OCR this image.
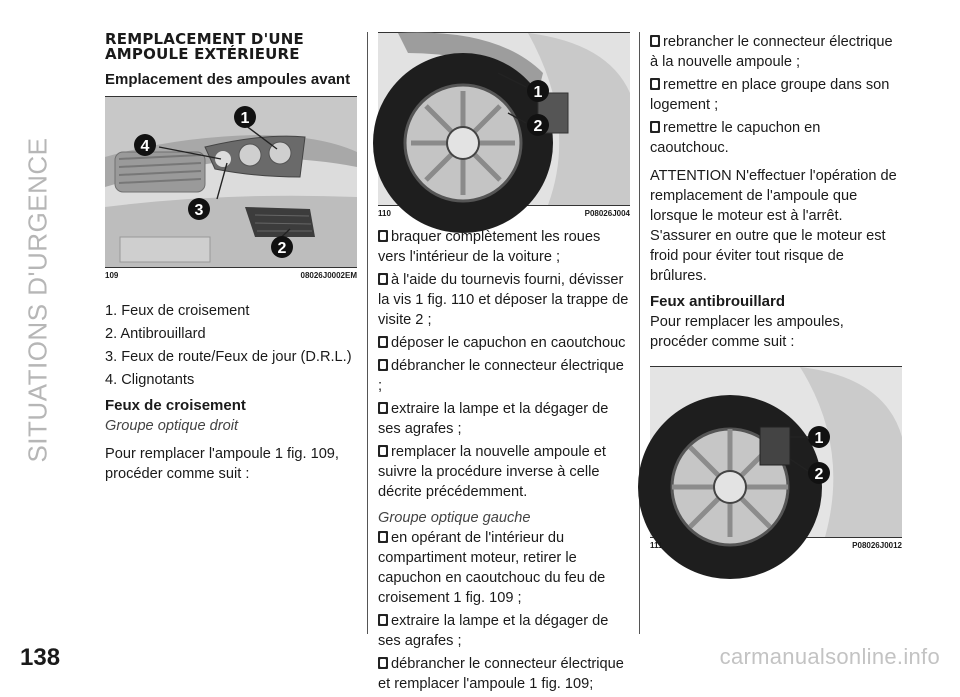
SITUATIONS D'URGENCE
138	carmanualsonline.info
REMPLACEMENT D'UNE
AMPOULE EXTÉRIEURE
Emplacement des ampoules avant
1
4
3
2
109	08026J0002EM

1. Feux de croisement

2. Antibrouillard

3. Feux de route/Feux de jour (D.R.L.)

4. Clignotants

Feux de croisement

Groupe optique droit

Pour remplacer l'ampoule 1 fig. 109, procéder comme suit :

1
2
110	P08026J004

braquer complètement les roues vers l'intérieur de la voiture ;

à l'aide du tournevis fourni, dévisser la vis 1 fig. 110 et déposer la trappe de visite 2 ;

déposer le capuchon en caoutchouc

débrancher le connecteur électrique ;

extraire la lampe et la dégager de ses agrafes ;

remplacer la nouvelle ampoule et suivre la procédure inverse à celle décrite précédemment.

Groupe optique gauche

en opérant de l'intérieur du compartiment moteur, retirer le capuchon en caoutchouc du feu de croisement 1 fig. 109 ;

extraire la lampe et la dégager de ses agrafes ;

débrancher le connecteur électrique et remplacer l'ampoule 1 fig. 109;

rebrancher le connecteur électrique à la nouvelle ampoule ;

remettre en place groupe dans son logement ;

remettre le capuchon en caoutchouc.

ATTENTION N'effectuer l'opération de remplacement de l'ampoule que lorsque le moteur est à l'arrêt. S'assurer en outre que le moteur est froid pour éviter tout risque de brûlures.

Feux antibrouillard

Pour remplacer les ampoules, procéder comme suit :

1
2
111	P08026J0012
